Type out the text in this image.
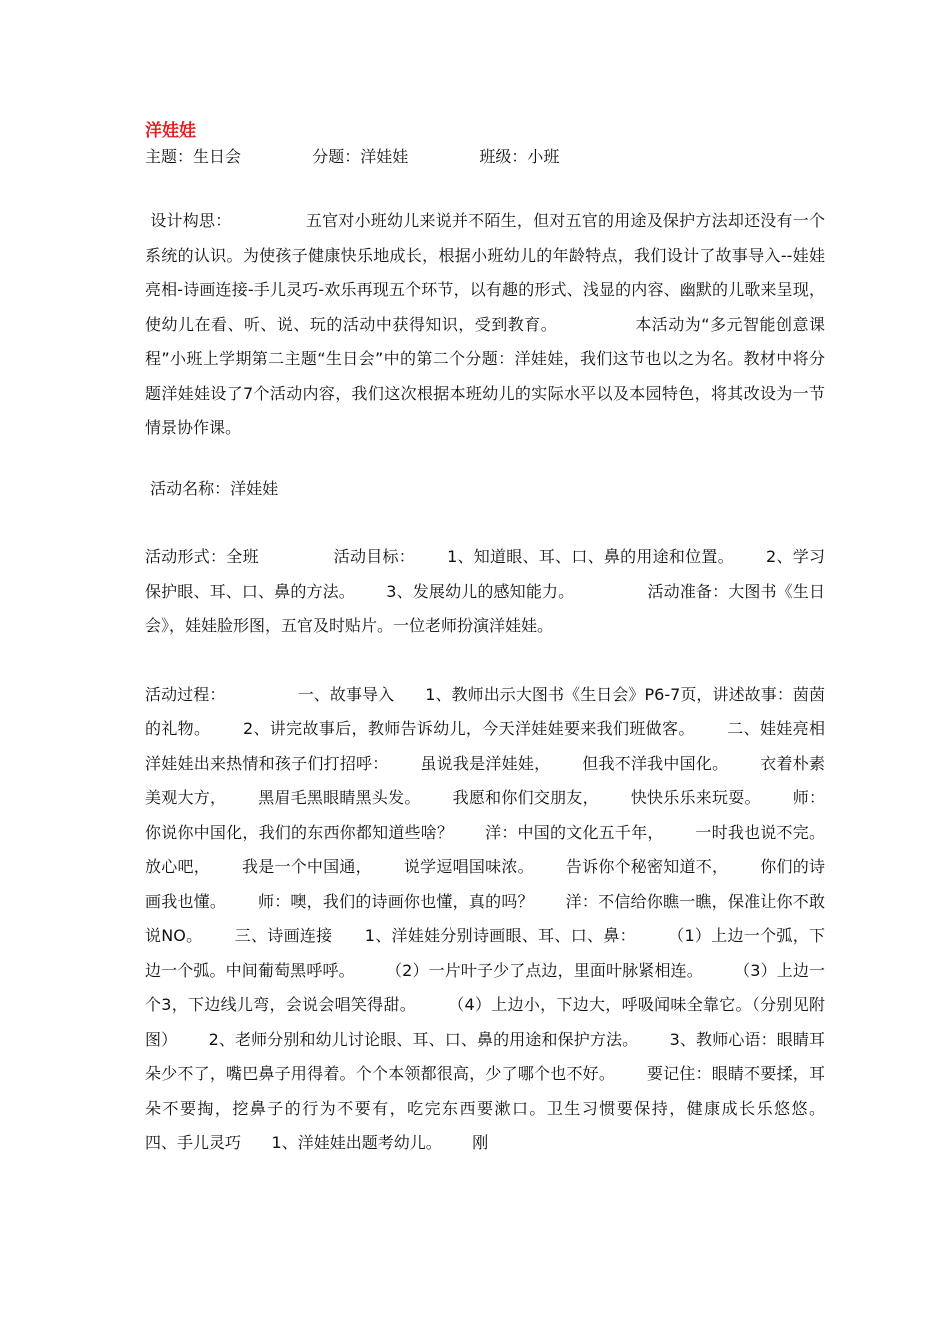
洋娃娃

主题：生日会              分题：洋娃娃              班级：小班

设计构思：              五官对小班幼儿来说并不陌生，但对五官的用途及保护方法却还没有一个系统的认识。为使孩子健康快乐地成长，根据小班幼儿的年龄特点，我们设计了故事导入--娃娃亮相-诗画连接-手儿灵巧-欢乐再现五个环节，以有趣的形式、浅显的内容、幽默的儿歌来呈现，使幼儿在看、听、说、玩的活动中获得知识，受到教育。              本活动为“多元智能创意课程”小班上学期第二主题“生日会”中的第二个分题：洋娃娃，我们这节也以之为名。教材中将分题洋娃娃设了7个活动内容，我们这次根据本班幼儿的实际水平以及本园特色，将其改设为一节情景协作课。

活动名称：洋娃娃

活动形式：全班              活动目标：      1、知道眼、耳、口、鼻的用途和位置。      2、学习保护眼、耳、口、鼻的方法。      3、发展幼儿的感知能力。              活动准备：大图书《生日会》，娃娃脸形图，五官及时贴片。一位老师扮演洋娃娃。

活动过程：              一、故事导入      1、教师出示大图书《生日会》P6-7页，讲述故事：茵茵的礼物。      2、讲完故事后，教师告诉幼儿，今天洋娃娃要来我们班做客。      二、娃娃亮相      洋娃娃出来热情和孩子们打招呼：      虽说我是洋娃娃，      但我不洋我中国化。      衣着朴素美观大方，      黑眉毛黑眼睛黑头发。      我愿和你们交朋友，      快快乐乐来玩耍。      师：你说你中国化，我们的东西你都知道些啥？      洋：中国的文化五千年，      一时我也说不完。      放心吧，      我是一个中国通，      说学逗唱国味浓。      告诉你个秘密知道不，      你们的诗画我也懂。      师：噢，我们的诗画你也懂，真的吗？      洋：不信给你瞧一瞧，保准让你不敢说NO。      三、诗画连接      1、洋娃娃分别诗画眼、耳、口、鼻：      （1）上边一个弧，下边一个弧。中间葡萄黑呼呼。      （2）一片叶子少了点边，里面叶脉紧相连。      （3）上边一个3，下边线儿弯，会说会唱笑得甜。      （4）上边小，下边大，呼吸闻味全靠它。（分别见附图）      2、老师分别和幼儿讨论眼、耳、口、鼻的用途和保护方法。      3、教师心语：眼睛耳朵少不了，嘴巴鼻子用得着。个个本领都很高，少了哪个也不好。      要记住：眼睛不要揉，耳朵不要掏，挖鼻子的行为不要有，吃完东西要漱口。卫生习惯要保持，健康成长乐悠悠。              四、手儿灵巧      1、洋娃娃出题考幼儿。      刚
